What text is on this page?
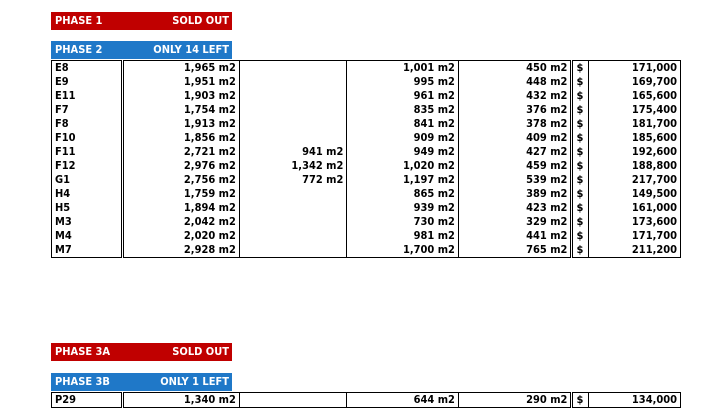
PHASE 1	SOLD OUT
PHASE 2	ONLY 14 LEFT
E8	1,965 m2		1,001 m2	450 m2	$	171,000
E9	1,951 m2		995 m2	448 m2	$	169,700
E11	1,903 m2		961 m2	432 m2	$	165,600
F7	1,754 m2		835 m2	376 m2	$	175,400
F8	1,913 m2		841 m2	378 m2	$	181,700
F10	1,856 m2		909 m2	409 m2	$	185,600
F11	2,721 m2	941 m2	949 m2	427 m2	$	192,600
F12	2,976 m2	1,342 m2	1,020 m2	459 m2	$	188,800
G1	2,756 m2	772 m2	1,197 m2	539 m2	$	217,700
H4	1,759 m2		865 m2	389 m2	$	149,500
H5	1,894 m2		939 m2	423 m2	$	161,000
M3	2,042 m2		730 m2	329 m2	$	173,600
M4	2,020 m2		981 m2	441 m2	$	171,700
M7	2,928 m2		1,700 m2	765 m2	$	211,200
PHASE 3A	SOLD OUT
PHASE 3B	ONLY 1 LEFT
P29	1,340 m2		644 m2	290 m2	$	134,000
